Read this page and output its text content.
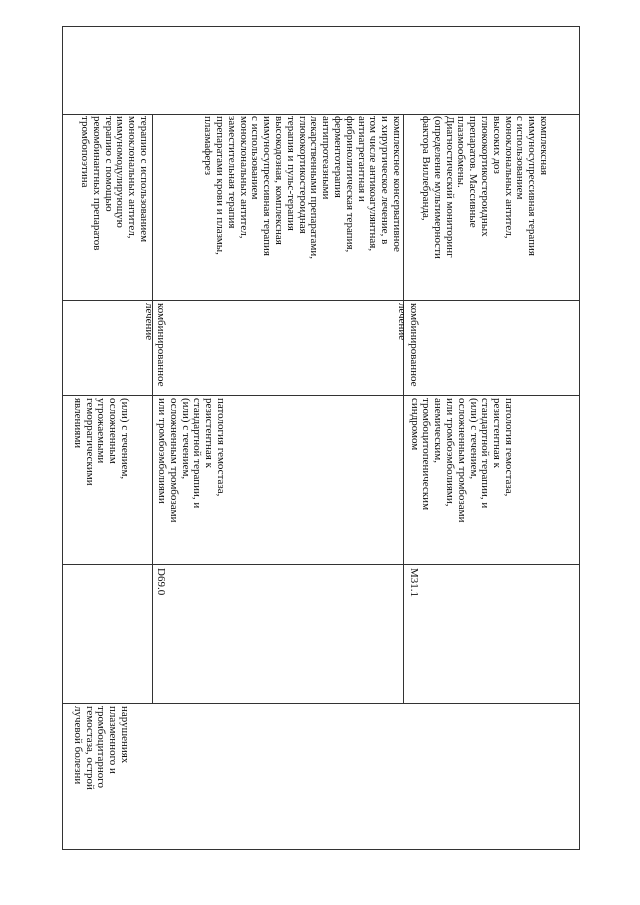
нарушениях
плазменного и
тромбоцитарного
гемостаза, острой
лучевой болезни
(или) с течением,
осложненным
угрожаемыми
геморрагическими
явлениями
терапию с использованием
моноклональных антител,
иммуномодулирующую
терапию с помощью
рекомбинантных препаратов
тромбопоэтина
D69.0
патология гемостаза,
резистентная к
стандартной терапии, и
(или) с течением,
осложненным тромбозами
или тромбоэмболиями
комбинированное
лечение
комплексное консервативное
и хирургическое лечение, в
том числе антикоагулянтная,
антиагрегантная и
фибринолитическая терапия,
ферментотерапия
антипротеазными
лекарственными препаратами,
глюкокортикостероидная
терапия и пульс-терапия
высокодозная, комплексная
иммуносупрессивная терапия
с использованием
моноклональных антител,
заместительная терапия
препаратами крови и плазмы,
плазмаферез
M31.1
патология гемостаза,
резистентная к
стандартной терапии, и
(или) с течением,
осложненным тромбозами
или тромбоэмболиями,
анемическим,
тромбоцитопеническим
синдромом
комбинированное
лечение
комплексная
иммуносупрессивная терапия
с использованием
моноклональных антител,
высоких доз
глюкокортикостероидных
препаратов. Массивные
плазмообмены.
Диагностический мониторинг
(определение мультимерности
фактора Виллебранда,
